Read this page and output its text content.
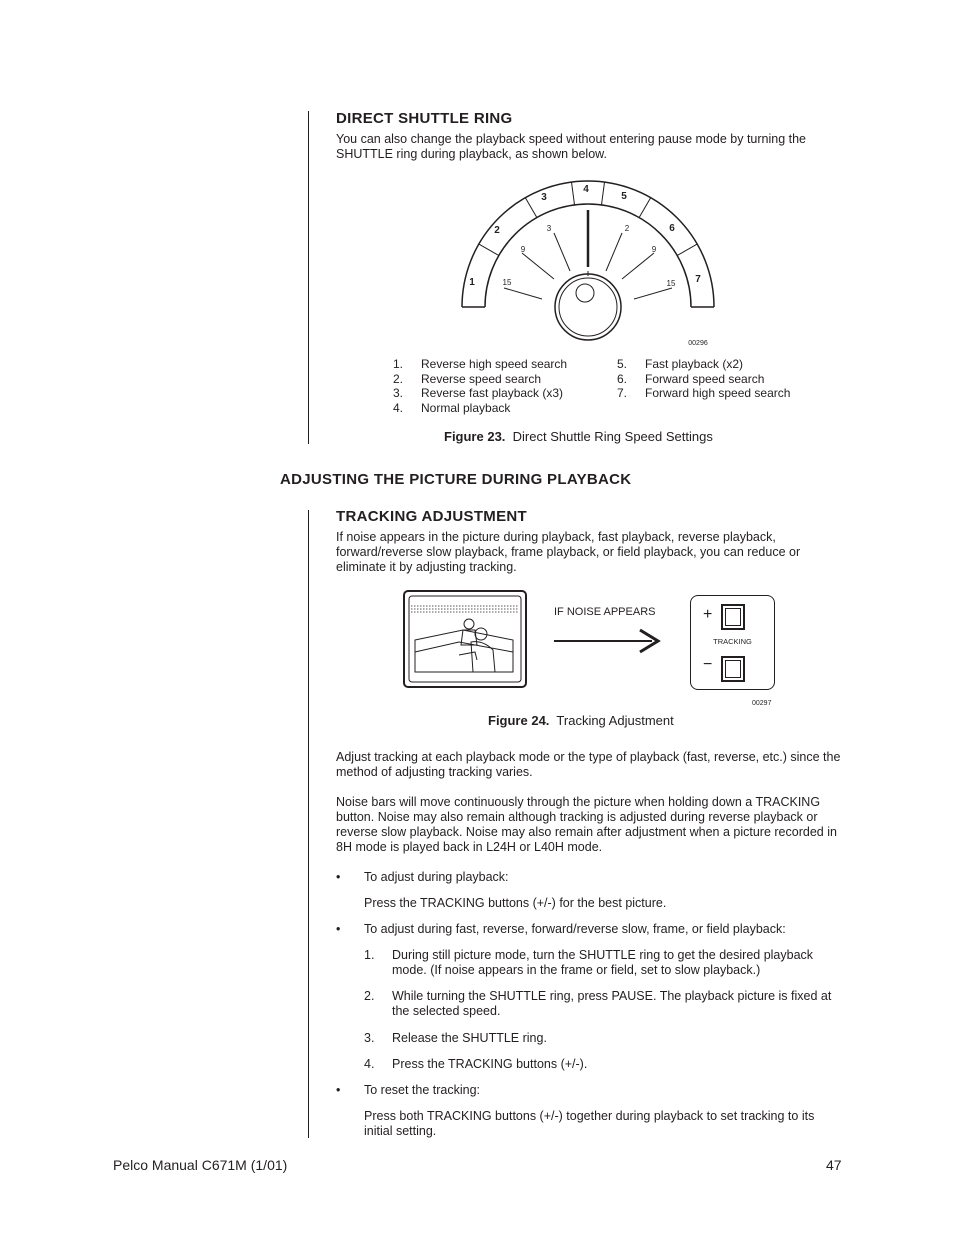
DIRECT SHUTTLE RING
You can also change the playback speed without entering pause mode by turning the SHUTTLE ring during playback, as shown below.
1
2
3
4
5
6
7
15
9
3	2
9
15
00296
1. Reverse high speed search
2. Reverse speed search
3. Reverse fast playback (x3)
4. Normal playback
5. Fast playback (x2)
6. Forward speed search
7. Forward high speed search
Figure 23. Direct Shuttle Ring Speed Settings
ADJUSTING THE PICTURE DURING PLAYBACK
TRACKING ADJUSTMENT
If noise appears in the picture during playback, fast playback, reverse playback, forward/reverse slow playback, frame playback, or field playback, you can reduce or eliminate it by adjusting tracking.
IF NOISE APPEARS	+
TRACKING
−
00297
Figure 24. Tracking Adjustment
Adjust tracking at each playback mode or the type of playback (fast, reverse, etc.) since the method of adjusting tracking varies.
Noise bars will move continuously through the picture when holding down a TRACKING button. Noise may also remain although tracking is adjusted during reverse playback or reverse slow playback. Noise may also remain after adjustment when a picture recorded in 8H mode is played back in L24H or L40H mode.
• To adjust during playback:
Press the TRACKING buttons (+/-) for the best picture.
• To adjust during fast, reverse, forward/reverse slow, frame, or field playback:
1. During still picture mode, turn the SHUTTLE ring to get the desired playback mode. (If noise appears in the frame or field, set to slow playback.)
2. While turning the SHUTTLE ring, press PAUSE. The playback picture is fixed at the selected speed.
3. Release the SHUTTLE ring.
4. Press the TRACKING buttons (+/-).
• To reset the tracking:
Press both TRACKING buttons (+/-) together during playback to set tracking to its initial setting.
Pelco Manual C671M (1/01)	47
